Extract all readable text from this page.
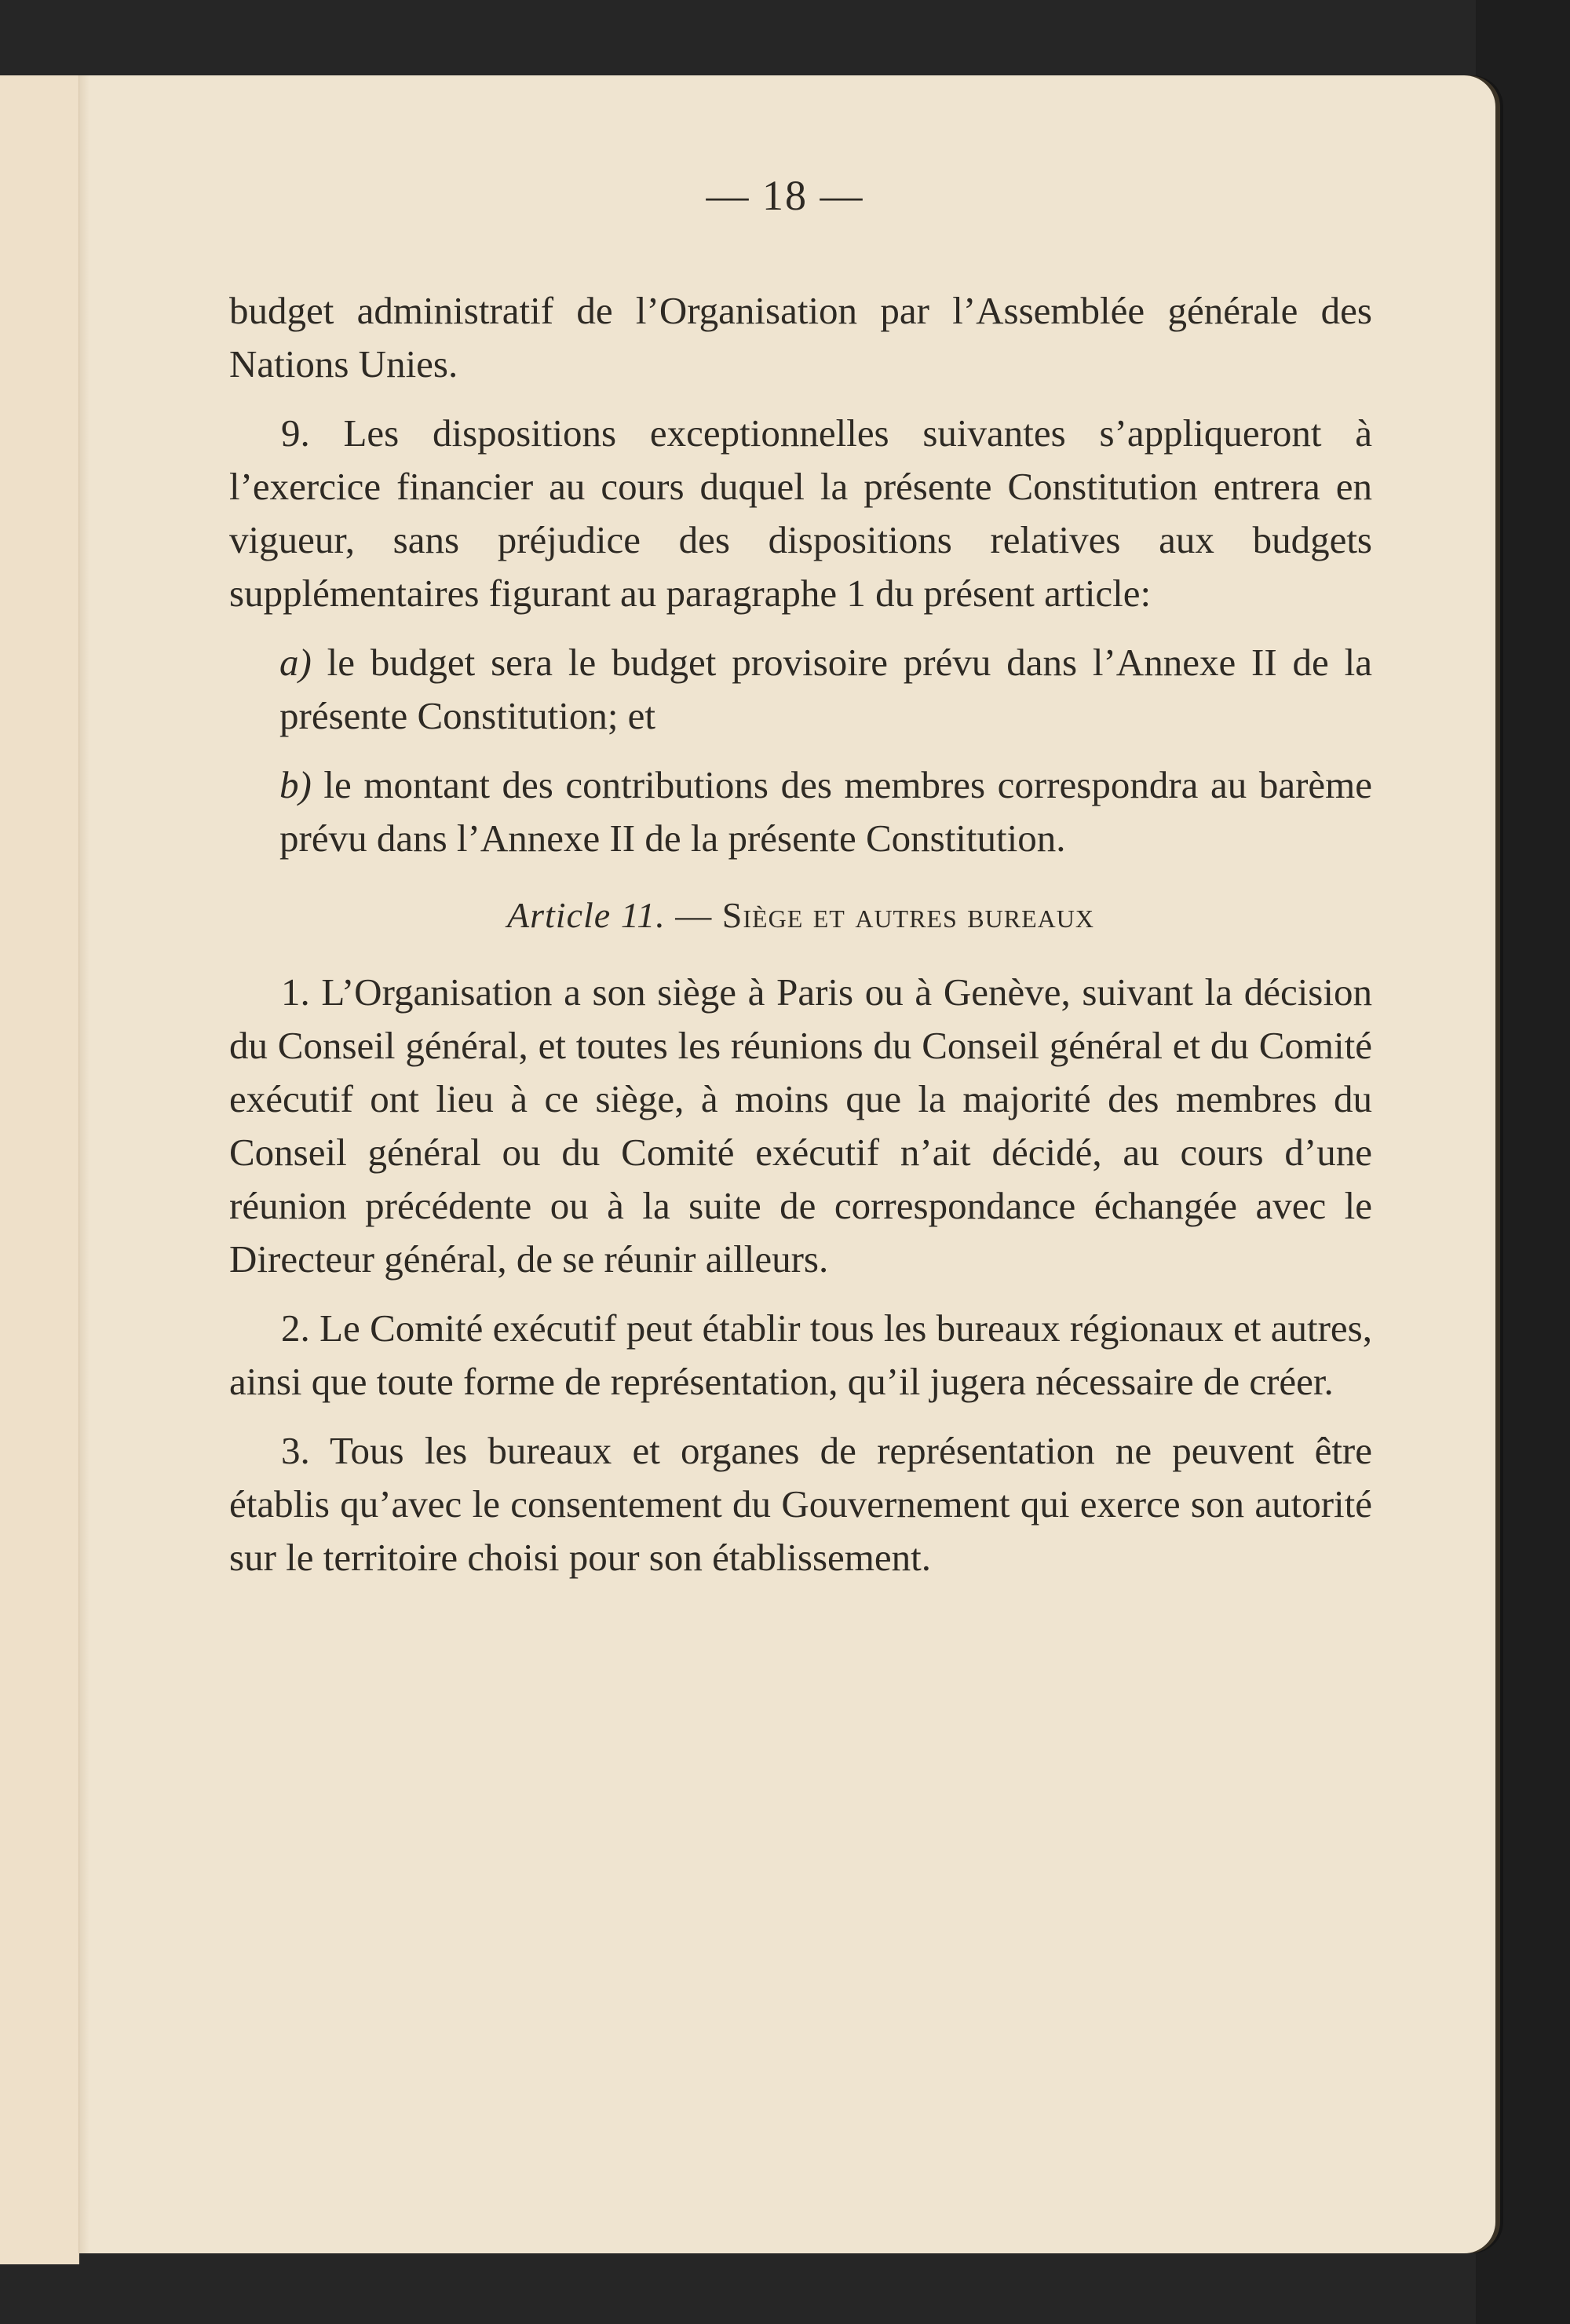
— 18 —

budget administratif de l’Organisation par l’Assemblée générale des Nations Unies.

9. Les dispositions exceptionnelles suivantes s’appliqueront à l’exercice financier au cours duquel la présente Constitution entrera en vigueur, sans préjudice des dispositions relatives aux budgets supplémentaires figurant au paragraphe 1 du présent article:

a) le budget sera le budget provisoire prévu dans l’Annexe II de la présente Constitution; et

b) le montant des contributions des membres correspondra au barème prévu dans l’Annexe II de la présente Constitution.

Article 11. — Siège et autres bureaux

1. L’Organisation a son siège à Paris ou à Genève, suivant la décision du Conseil général, et toutes les réunions du Conseil général et du Comité exécutif ont lieu à ce siège, à moins que la majorité des membres du Conseil général ou du Comité exécutif n’ait décidé, au cours d’une réunion précédente ou à la suite de correspondance échangée avec le Directeur général, de se réunir ailleurs.

2. Le Comité exécutif peut établir tous les bureaux régionaux et autres, ainsi que toute forme de représentation, qu’il jugera nécessaire de créer.

3. Tous les bureaux et organes de représentation ne peuvent être établis qu’avec le consentement du Gouvernement qui exerce son autorité sur le territoire choisi pour son établissement.
